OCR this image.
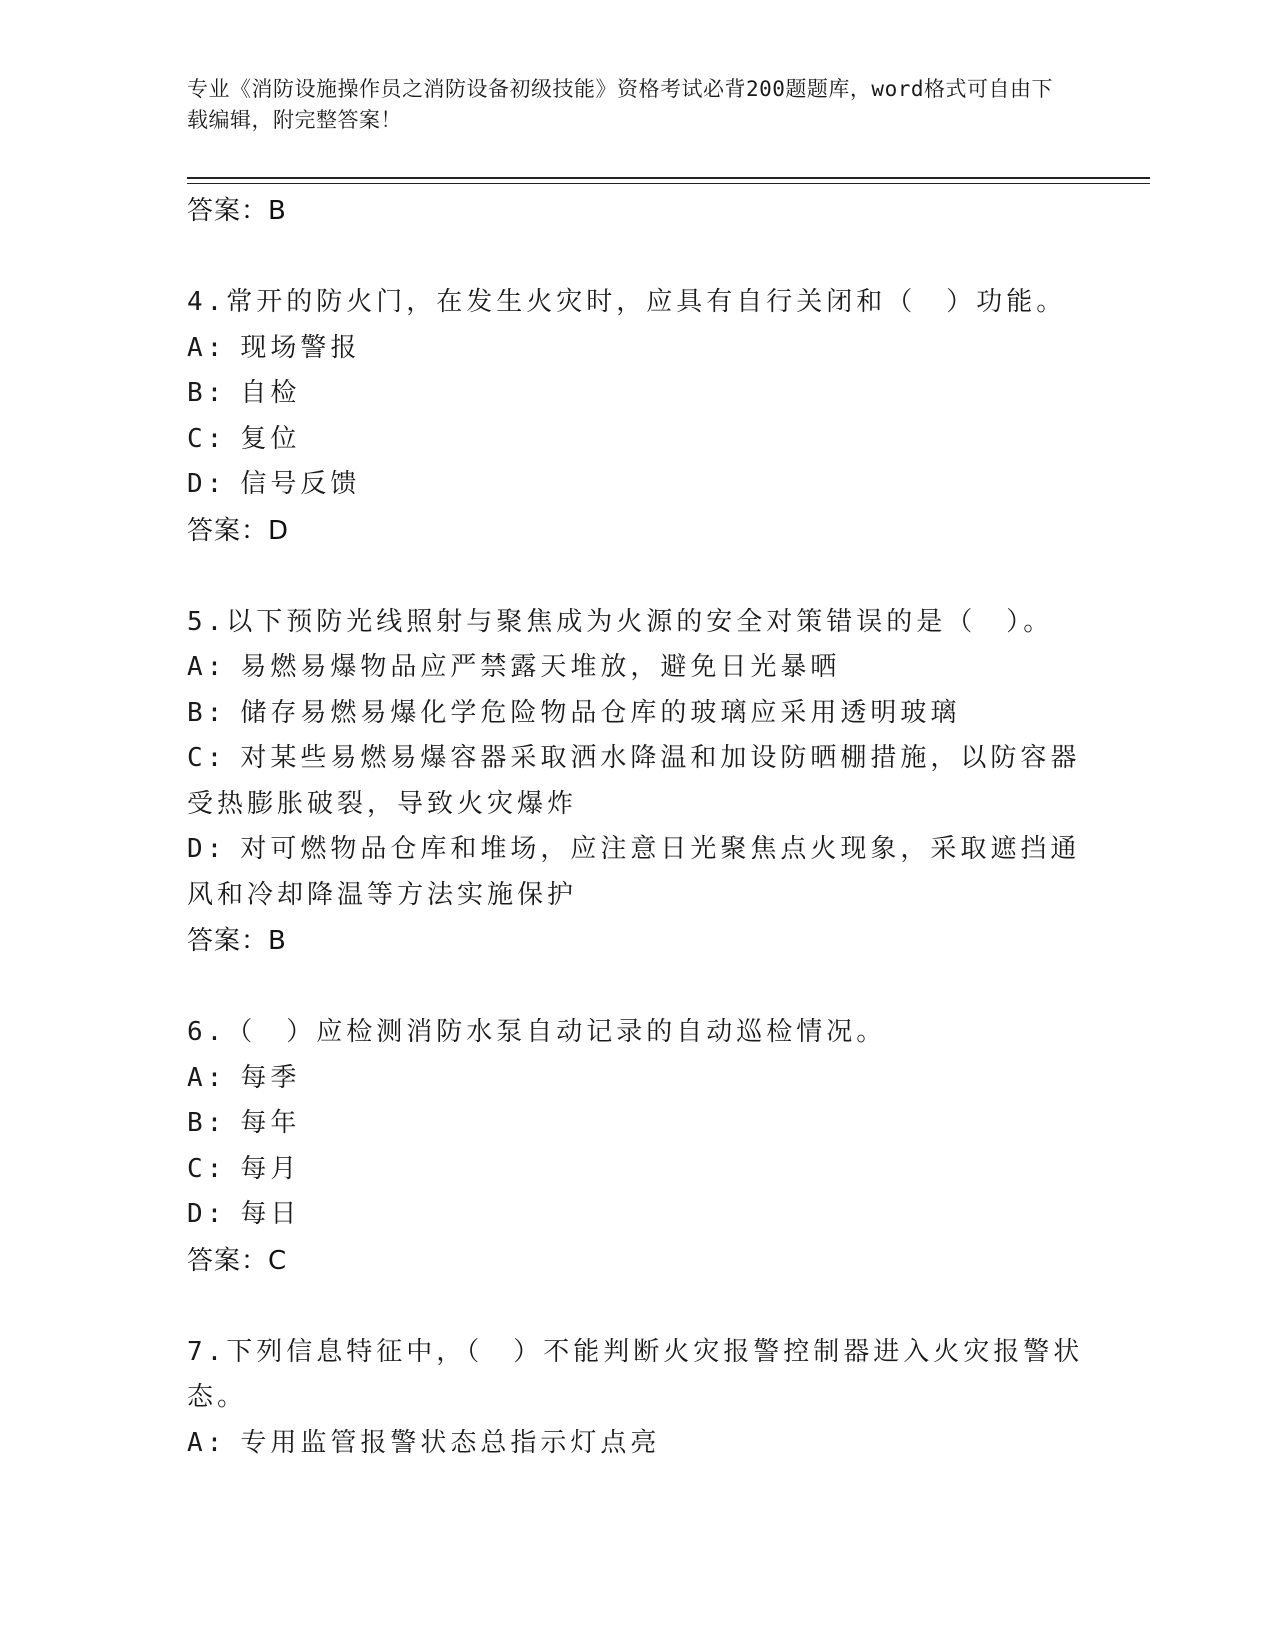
专业《消防设施操作员之消防设备初级技能》资格考试必背200题题库，word格式可自由下载编辑，附完整答案！
答案：B
4.常开的防火门，在发生火灾时，应具有自行关闭和（　）功能。
A: 现场警报
B: 自检
C: 复位
D: 信号反馈
答案：D
5.以下预防光线照射与聚焦成为火源的安全对策错误的是（　）。
A: 易燃易爆物品应严禁露天堆放，避免日光暴晒
B: 储存易燃易爆化学危险物品仓库的玻璃应采用透明玻璃
C: 对某些易燃易爆容器采取洒水降温和加设防晒棚措施，以防容器受热膨胀破裂，导致火灾爆炸
D: 对可燃物品仓库和堆场，应注意日光聚焦点火现象，采取遮挡通风和冷却降温等方法实施保护
答案：B
6.（　）应检测消防水泵自动记录的自动巡检情况。
A: 每季
B: 每年
C: 每月
D: 每日
答案：C
7.下列信息特征中，（　）不能判断火灾报警控制器进入火灾报警状态。
A: 专用监管报警状态总指示灯点亮
